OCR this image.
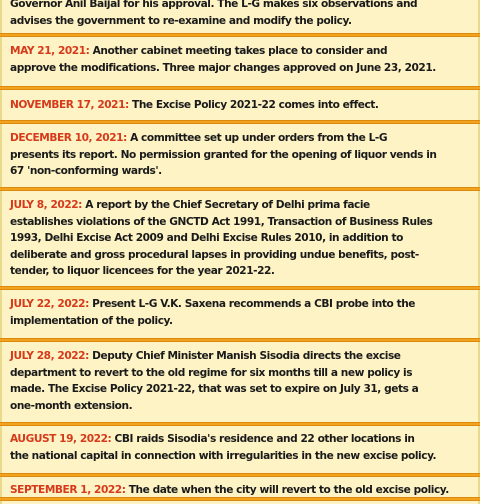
Governor Anil Baijal for his approval. The L-G makes six observations and
advises the government to re-examine and modify the policy.
MAY 21, 2021: Another cabinet meeting takes place to consider and
approve the modifications. Three major changes approved on June 23, 2021.
NOVEMBER 17, 2021: The Excise Policy 2021-22 comes into effect.
DECEMBER 10, 2021: A committee set up under orders from the L-G
presents its report. No permission granted for the opening of liquor vends in
67 'non-conforming wards'.
JULY 8, 2022: A report by the Chief Secretary of Delhi prima facie
establishes violations of the GNCTD Act 1991, Transaction of Business Rules
1993, Delhi Excise Act 2009 and Delhi Excise Rules 2010, in addition to
deliberate and gross procedural lapses in providing undue benefits, post-
tender, to liquor licencees for the year 2021-22.
JULY 22, 2022: Present L-G V.K. Saxena recommends a CBI probe into the
implementation of the policy.
JULY 28, 2022: Deputy Chief Minister Manish Sisodia directs the excise
department to revert to the old regime for six months till a new policy is
made. The Excise Policy 2021-22, that was set to expire on July 31, gets a
one-month extension.
AUGUST 19, 2022: CBI raids Sisodia's residence and 22 other locations in
the national capital in connection with irregularities in the new excise policy.
SEPTEMBER 1, 2022: The date when the city will revert to the old excise policy.
